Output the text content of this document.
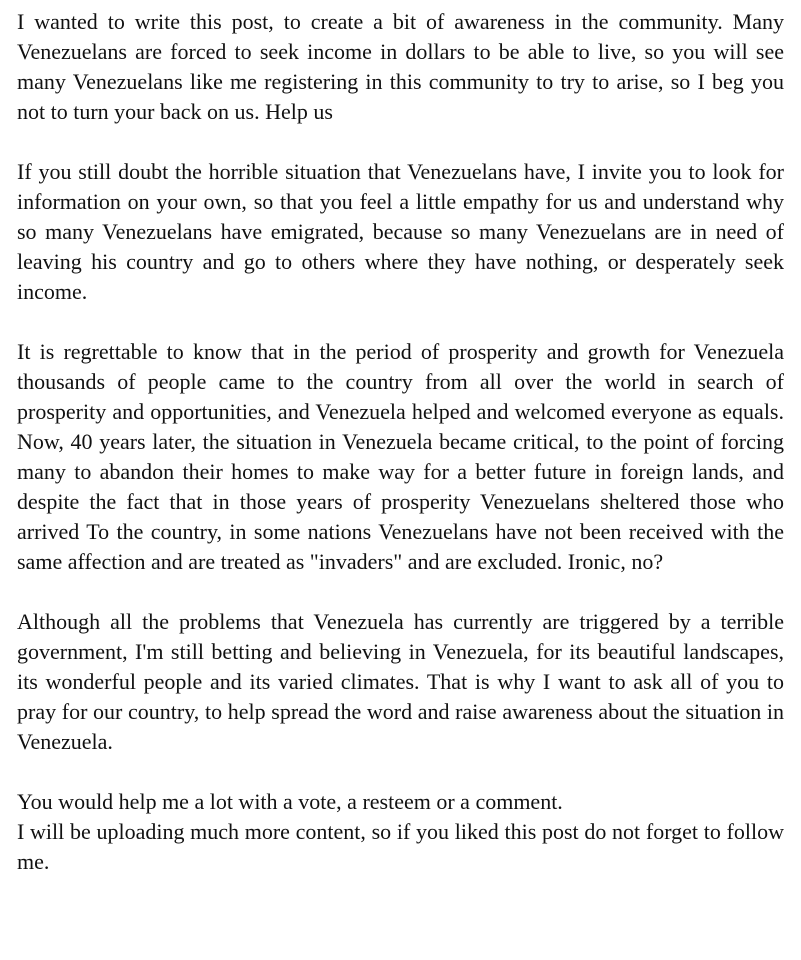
I wanted to write this post, to create a bit of awareness in the community. Many Venezuelans are forced to seek income in dollars to be able to live, so you will see many Venezuelans like me registering in this community to try to arise, so I beg you not to turn your back on us. Help us

If you still doubt the horrible situation that Venezuelans have, I invite you to look for information on your own, so that you feel a little empathy for us and understand why so many Venezuelans have emigrated, because so many Venezuelans are in need of leaving his country and go to others where they have nothing, or desperately seek income.

It is regrettable to know that in the period of prosperity and growth for Venezuela thousands of people came to the country from all over the world in search of prosperity and opportunities, and Venezuela helped and welcomed everyone as equals. Now, 40 years later, the situation in Venezuela became critical, to the point of forcing many to abandon their homes to make way for a better future in foreign lands, and despite the fact that in those years of prosperity Venezuelans sheltered those who arrived To the country, in some nations Venezuelans have not been received with the same affection and are treated as "invaders" and are excluded. Ironic, no?

Although all the problems that Venezuela has currently are triggered by a terrible government, I'm still betting and believing in Venezuela, for its beautiful landscapes, its wonderful people and its varied climates. That is why I want to ask all of you to pray for our country, to help spread the word and raise awareness about the situation in Venezuela.

You would help me a lot with a vote, a resteem or a comment.
I will be uploading much more content, so if you liked this post do not forget to follow me.
